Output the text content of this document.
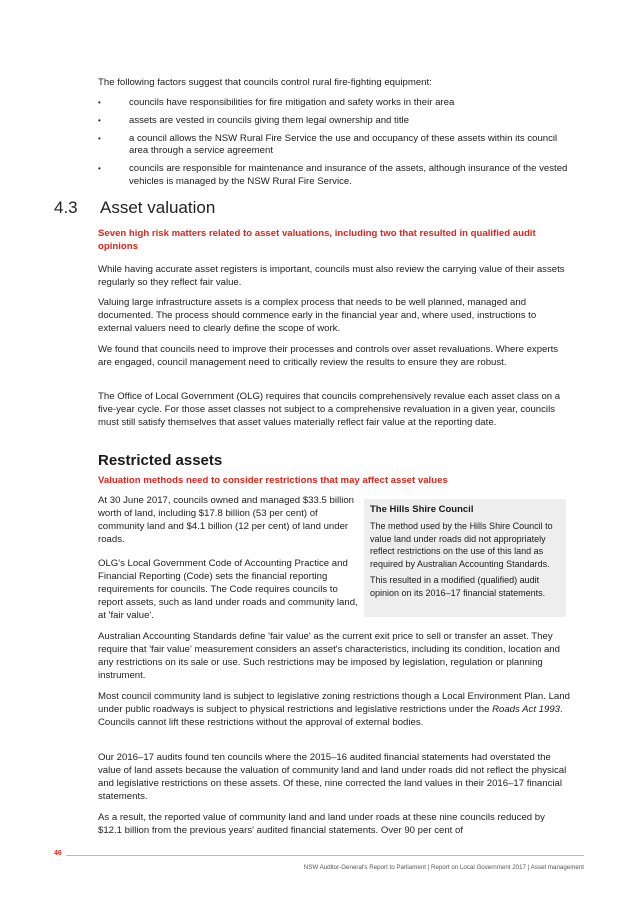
The following factors suggest that councils control rural fire-fighting equipment:

• councils have responsibilities for fire mitigation and safety works in their area
• assets are vested in councils giving them legal ownership and title
• a council allows the NSW Rural Fire Service the use and occupancy of these assets within its council area through a service agreement
• councils are responsible for maintenance and insurance of the assets, although insurance of the vested vehicles is managed by the NSW Rural Fire Service.
4.3 Asset valuation

Seven high risk matters related to asset valuations, including two that resulted in qualified audit opinions

While having accurate asset registers is important, councils must also review the carrying value of their assets regularly so they reflect fair value.

Valuing large infrastructure assets is a complex process that needs to be well planned, managed and documented. The process should commence early in the financial year and, where used, instructions to external valuers need to clearly define the scope of work.

We found that councils need to improve their processes and controls over asset revaluations. Where experts are engaged, council management need to critically review the results to ensure they are robust.

The Office of Local Government (OLG) requires that councils comprehensively revalue each asset class on a five-year cycle. For those asset classes not subject to a comprehensive revaluation in a given year, councils must still satisfy themselves that asset values materially reflect fair value at the reporting date.

Restricted assets

Valuation methods need to consider restrictions that may affect asset values

At 30 June 2017, councils owned and managed $33.5 billion worth of land, including $17.8 billion (53 per cent) of community land and $4.1 billion (12 per cent) of land under roads.

OLG's Local Government Code of Accounting Practice and Financial Reporting (Code) sets the financial reporting requirements for councils. The Code requires councils to report assets, such as land under roads and community land, at 'fair value'.

The Hills Shire Council

The method used by the Hills Shire Council to value land under roads did not appropriately reflect restrictions on the use of this land as required by Australian Accounting Standards.

This resulted in a modified (qualified) audit opinion on its 2016–17 financial statements.

Australian Accounting Standards define 'fair value' as the current exit price to sell or transfer an asset. They require that 'fair value' measurement considers an asset's characteristics, including its condition, location and any restrictions on its sale or use. Such restrictions may be imposed by legislation, regulation or planning instrument.

Most council community land is subject to legislative zoning restrictions though a Local Environment Plan. Land under public roadways is subject to physical restrictions and legislative restrictions under the Roads Act 1993. Councils cannot lift these restrictions without the approval of external bodies.

Our 2016–17 audits found ten councils where the 2015–16 audited financial statements had overstated the value of land assets because the valuation of community land and land under roads did not reflect the physical and legislative restrictions on these assets. Of these, nine corrected the land values in their 2016–17 financial statements.

As a result, the reported value of community land and land under roads at these nine councils reduced by $12.1 billion from the previous years' audited financial statements. Over 90 per cent of

46
NSW Auditor-General's Report to Parliament | Report on Local Government 2017 | Asset management
